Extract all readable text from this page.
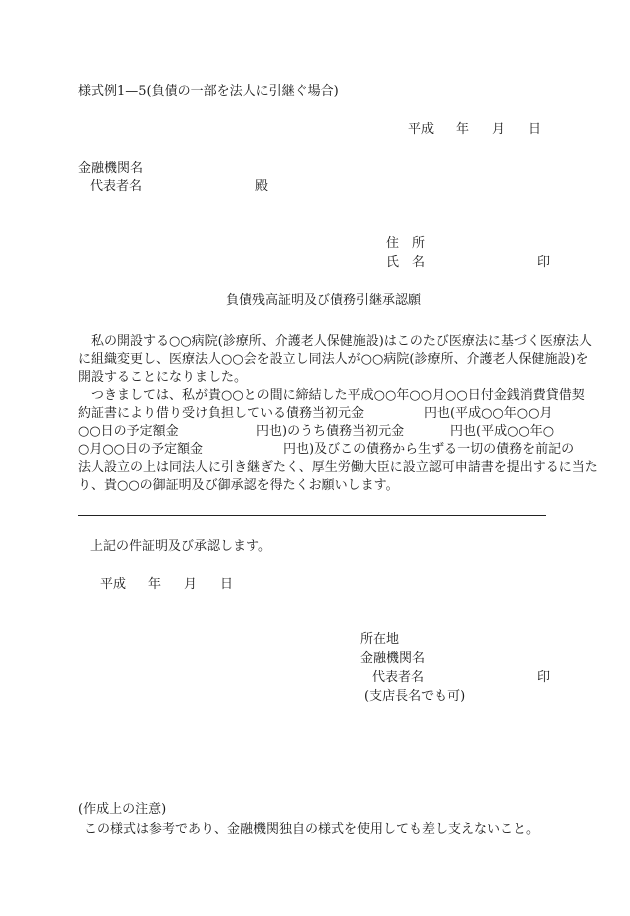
様式例1—5(負債の一部を法人に引継ぐ場合)
平成 年 月 日
金融機関名
代表者名	殿
住　所
氏　名	印
負債残高証明及び債務引継承認願
　私の開設する○○病院(診療所、介護老人保健施設)はこのたび医療法に基づく医療法人
に組織変更し、医療法人○○会を設立し同法人が○○病院(診療所、介護老人保健施設)を
開設することになりました。
　つきましては、私が貴○○との間に締結した平成○○年○○月○○日付金銭消費貸借契
約証書により借り受け負担している債務当初元金	円也(平成○○年○○月
○○日の予定額金	円也)のうち債務当初元金	円也(平成○○年○
○月○○日の予定額金	円也)及びこの債務から生ずる一切の債務を前記の
法人設立の上は同法人に引き継ぎたく、厚生労働大臣に設立認可申請書を提出するに当た
り、貴○○の御証明及び御承認を得たくお願いします。
上記の件証明及び承認します。
平成 年 月 日
所在地
金融機関名
代表者名	印
(支店長名でも可)
(作成上の注意)
この様式は参考であり、金融機関独自の様式を使用しても差し支えないこと。
